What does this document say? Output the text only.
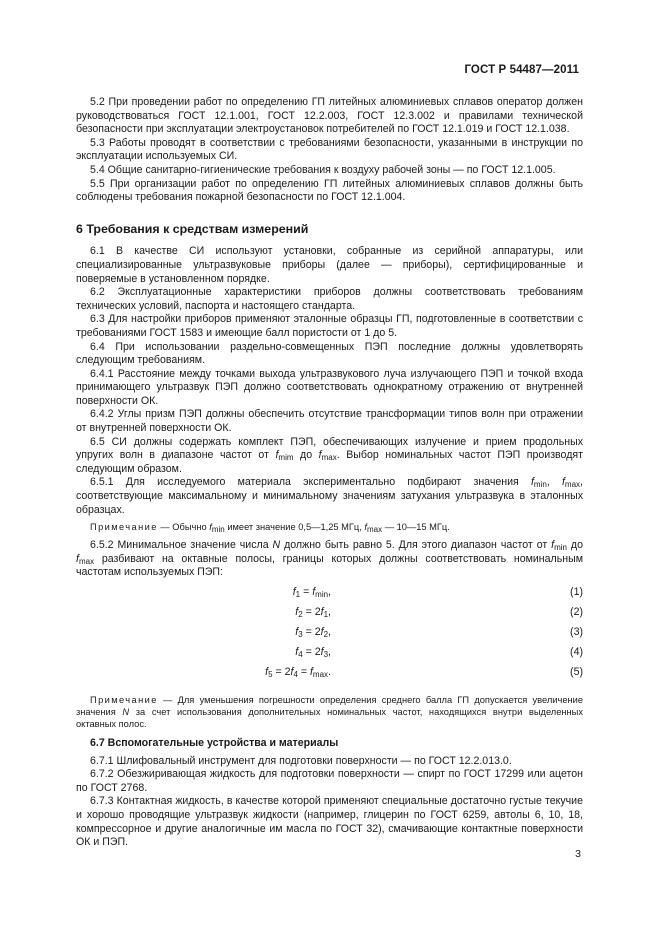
ГОСТ Р 54487—2011

5.2 При проведении работ по определению ГП литейных алюминиевых сплавов оператор должен руководствоваться ГОСТ 12.1.001, ГОСТ 12.2.003, ГОСТ 12.3.002 и правилами технической безопасности при эксплуатации электроустановок потребителей по ГОСТ 12.1.019 и ГОСТ 12.1.038.

5.3 Работы проводят в соответствии с требованиями безопасности, указанными в инструкции по эксплуатации используемых СИ.

5.4 Общие санитарно-гигиенические требования к воздуху рабочей зоны — по ГОСТ 12.1.005.

5.5 При организации работ по определению ГП литейных алюминиевых сплавов должны быть соблюдены требования пожарной безопасности по ГОСТ 12.1.004.

6 Требования к средствам измерений

6.1 В качестве СИ используют установки, собранные из серийной аппаратуры, или специализированные ультразвуковые приборы (далее — приборы), сертифицированные и поверяемые в установленном порядке.

6.2 Эксплуатационные характеристики приборов должны соответствовать требованиям технических условий, паспорта и настоящего стандарта.

6.3 Для настройки приборов применяют эталонные образцы ГП, подготовленные в соответствии с требованиями ГОСТ 1583 и имеющие балл пористости от 1 до 5.

6.4 При использовании раздельно-совмещенных ПЭП последние должны удовлетворять следующим требованиям.

6.4.1 Расстояние между точками выхода ультразвукового луча излучающего ПЭП и точкой входа принимающего ультразвук ПЭП должно соответствовать однократному отражению от внутренней поверхности ОК.

6.4.2 Углы призм ПЭП должны обеспечить отсутствие трансформации типов волн при отражении от внутренней поверхности ОК.

6.5 СИ должны содержать комплект ПЭП, обеспечивающих излучение и прием продольных упругих волн в диапазоне частот от $f_{mim}$ до $f_{max}$. Выбор номинальных частот ПЭП производят следующим образом.

6.5.1 Для исследуемого материала экспериментально подбирают значения $f_{min}$, $f_{max}$, соответствующие максимальному и минимальному значениям затухания ультразвука в эталонных образцах.

Примечание — Обычно $f_{min}$ имеет значение 0,5—1,25 МГц, $f_{max}$ — 10—15 МГц.

6.5.2 Минимальное значение числа N должно быть равно 5. Для этого диапазон частот от $f_{min}$ до $f_{max}$ разбивают на октавные полосы, границы которых должны соответствовать номинальным частотам используемых ПЭП:

$f_1 = f_{min}$,	(1)
$f_2 = 2f_1$,	(2)
$f_3 = 2f_2$,	(3)
$f_4 = 2f_3$,	(4)
$f_5 = 2f_4 = f_{max}$.	(5)

Примечание — Для уменьшения погрешности определения среднего балла ГП допускается увеличение значения N за счет использования дополнительных номинальных частот, находящихся внутри выделенных октавных полос.

6.7 Вспомогательные устройства и материалы

6.7.1 Шлифовальный инструмент для подготовки поверхности — по ГОСТ 12.2.013.0.

6.7.2 Обезжиривающая жидкость для подготовки поверхности — спирт по ГОСТ 17299 или ацетон по ГОСТ 2768.

6.7.3 Контактная жидкость, в качестве которой применяют специальные достаточно густые текучие и хорошо проводящие ультразвук жидкости (например, глицерин по ГОСТ 6259, автолы 6, 10, 18, компрессорное и другие аналогичные им масла по ГОСТ 32), смачивающие контактные поверхности ОК и ПЭП.

3
